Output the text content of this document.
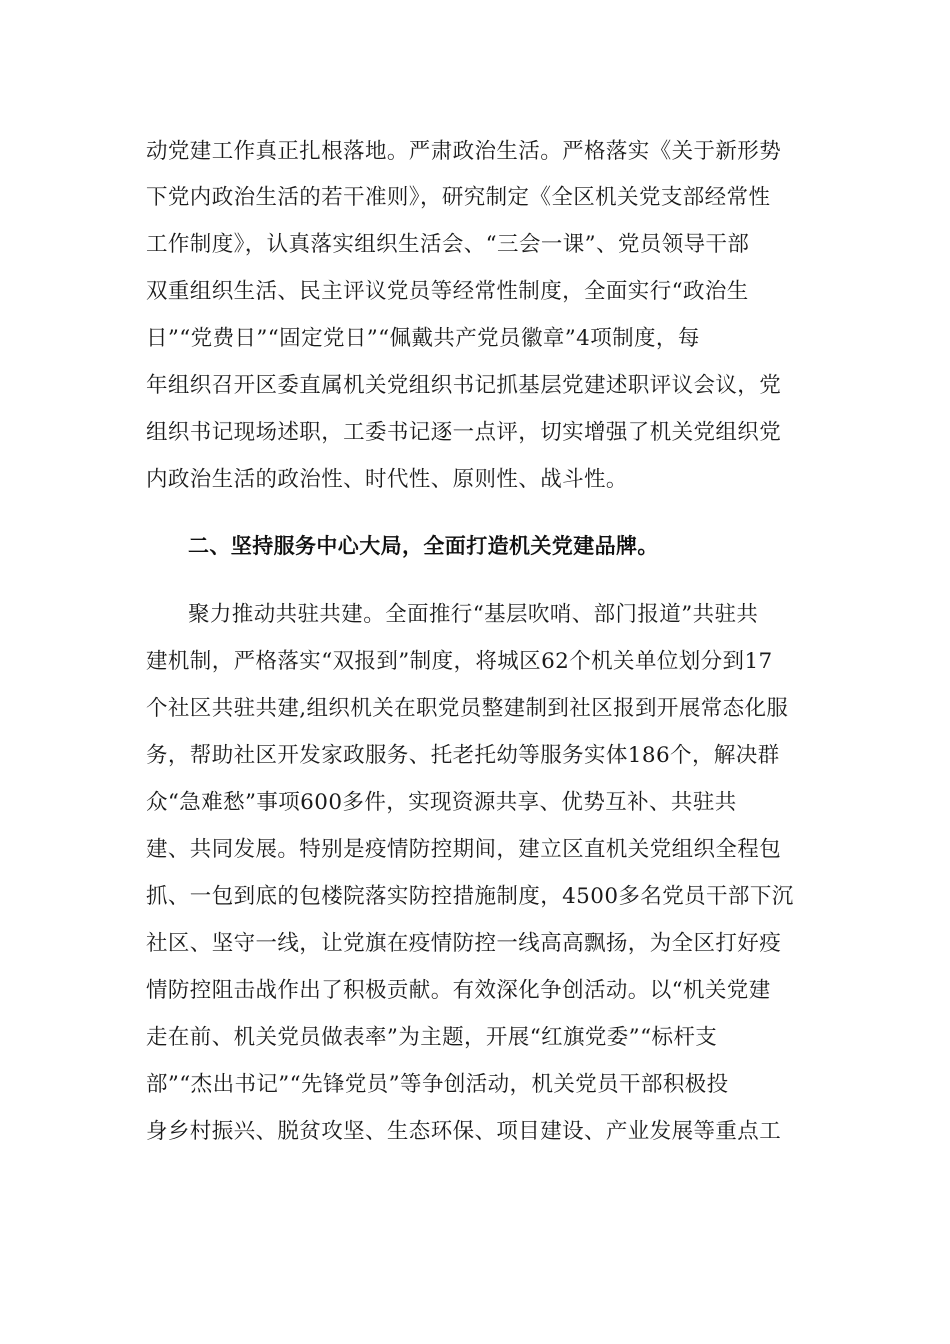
动党建工作真正扎根落地。严肃政治生活。严格落实《关于新形势
下党内政治生活的若干准则》，研究制定《全区机关党支部经常性
工作制度》，认真落实组织生活会、“三会一课”、党员领导干部
双重组织生活、民主评议党员等经常性制度，全面实行“政治生
日”“党费日”“固定党日”“佩戴共产党员徽章”4项制度，每
年组织召开区委直属机关党组织书记抓基层党建述职评议会议，党
组织书记现场述职，工委书记逐一点评，切实增强了机关党组织党
内政治生活的政治性、时代性、原则性、战斗性。
二、坚持服务中心大局，全面打造机关党建品牌。
聚力推动共驻共建。全面推行“基层吹哨、部门报道”共驻共
建机制，严格落实“双报到”制度，将城区62个机关单位划分到17
个社区共驻共建,组织机关在职党员整建制到社区报到开展常态化服
务，帮助社区开发家政服务、托老托幼等服务实体186个，解决群
众“急难愁”事项600多件，实现资源共享、优势互补、共驻共
建、共同发展。特别是疫情防控期间，建立区直机关党组织全程包
抓、一包到底的包楼院落实防控措施制度，4500多名党员干部下沉
社区、坚守一线，让党旗在疫情防控一线高高飘扬，为全区打好疫
情防控阻击战作出了积极贡献。有效深化争创活动。以“机关党建
走在前、机关党员做表率”为主题，开展“红旗党委”“标杆支
部”“杰出书记”“先锋党员”等争创活动，机关党员干部积极投
身乡村振兴、脱贫攻坚、生态环保、项目建设、产业发展等重点工
